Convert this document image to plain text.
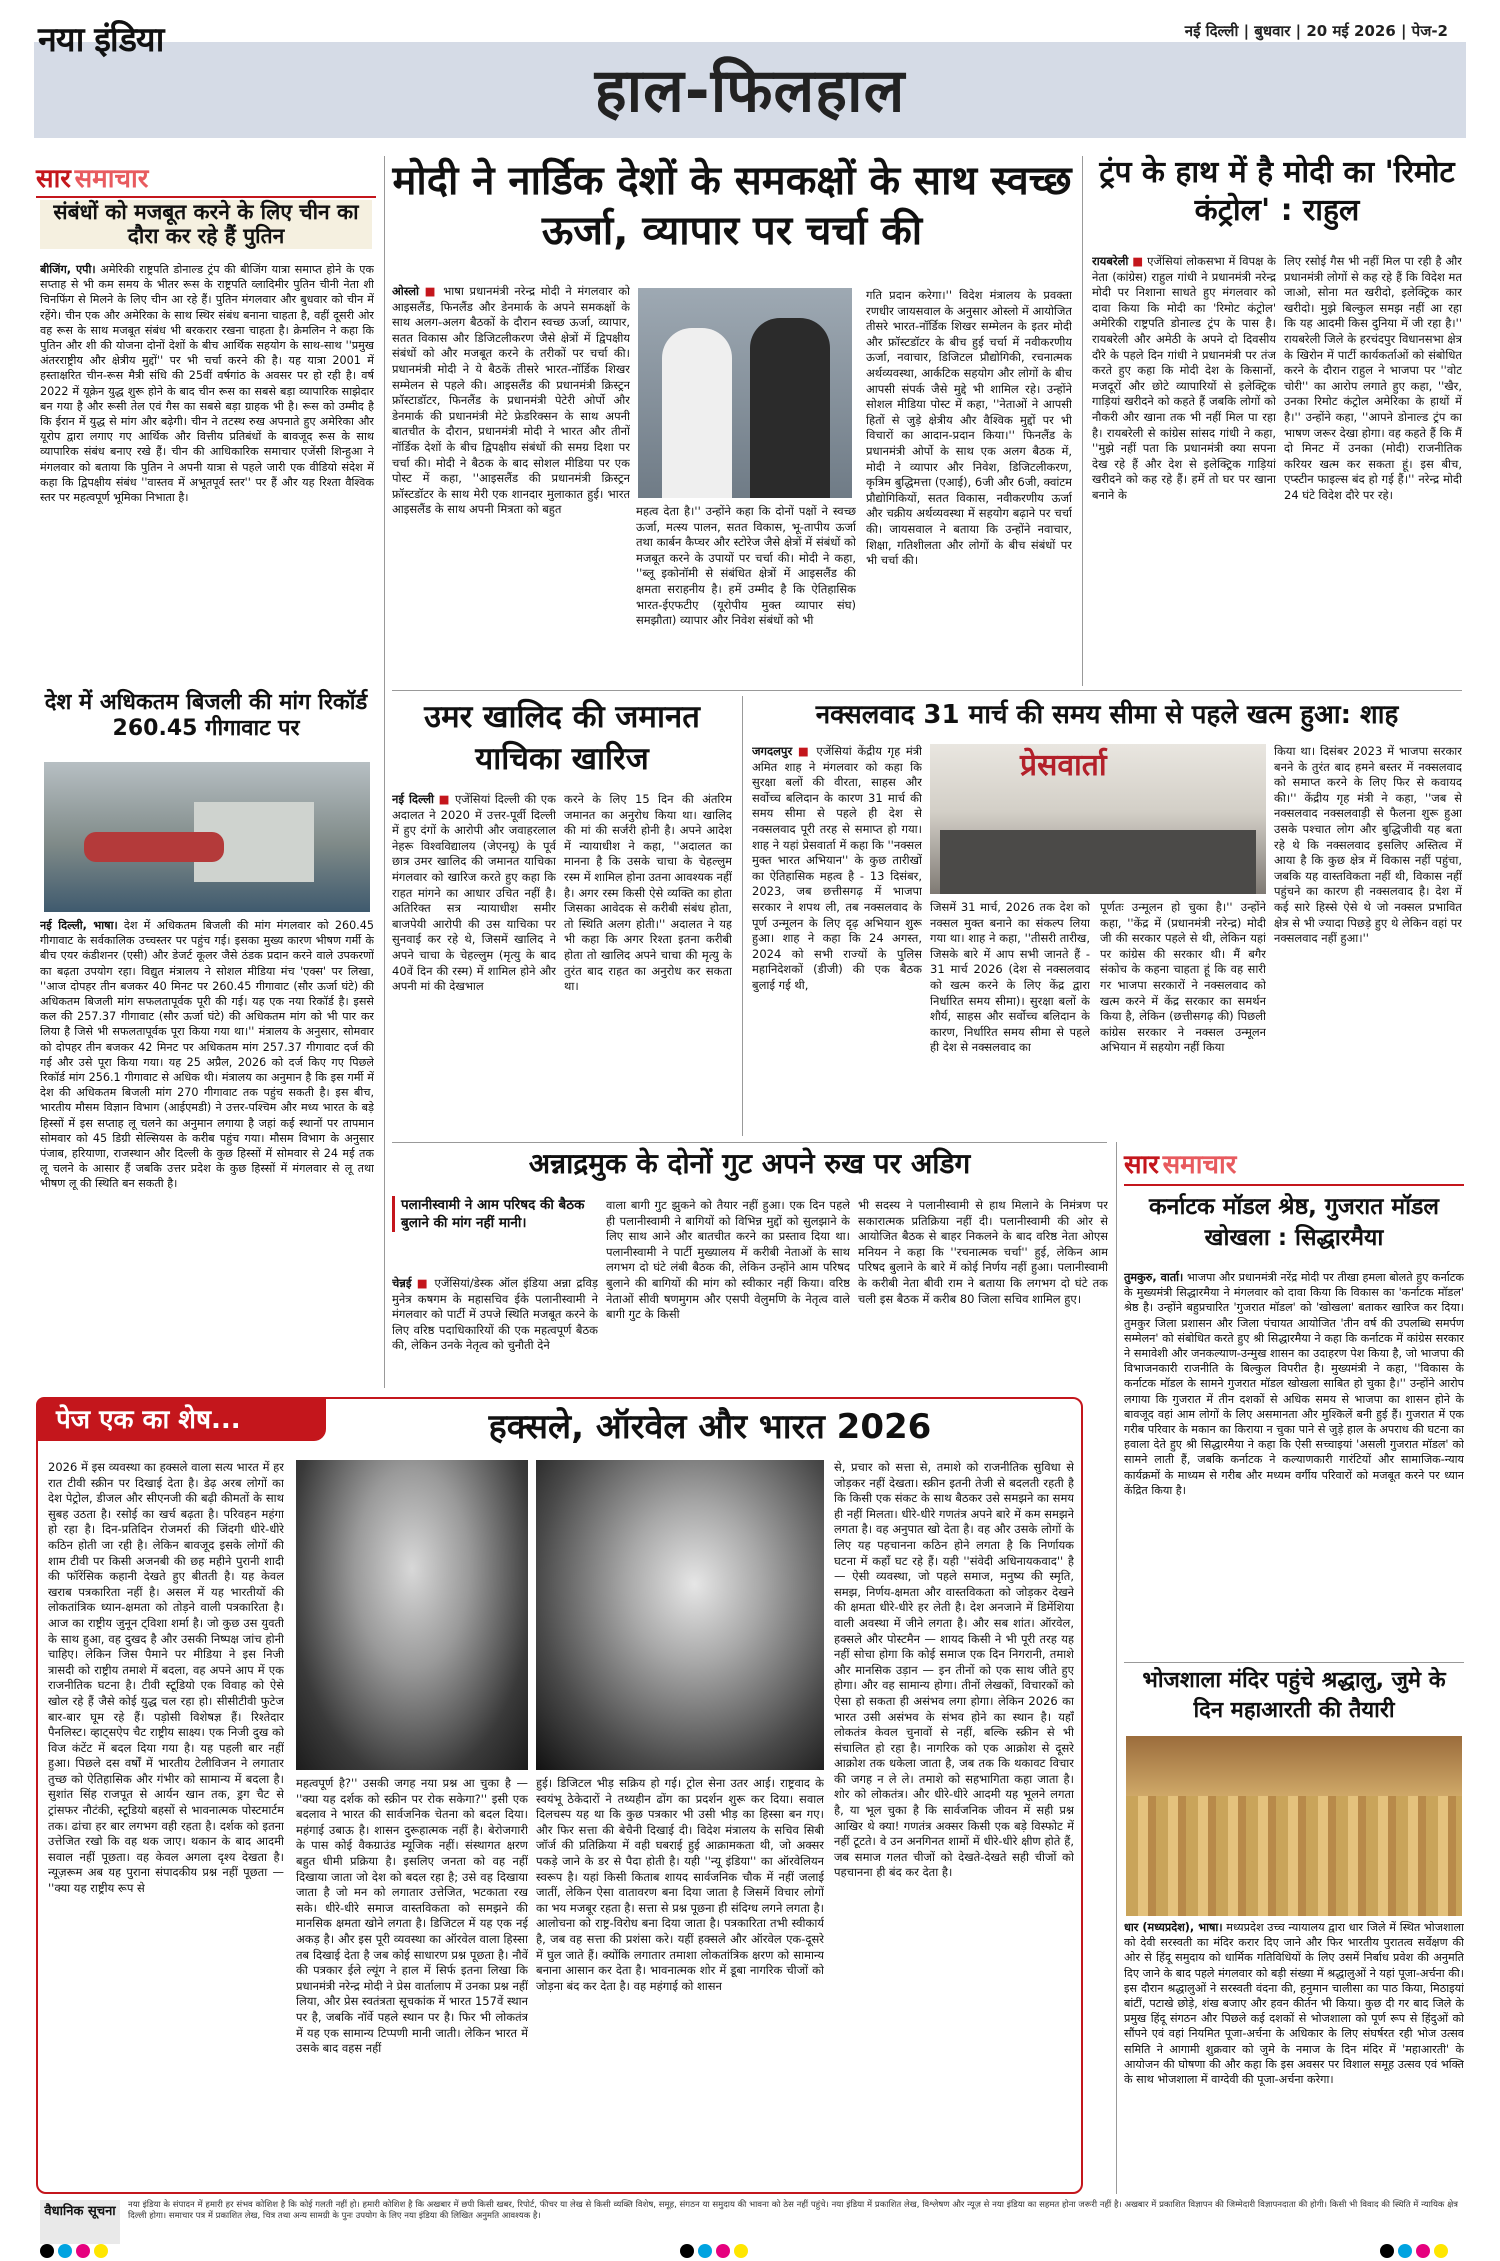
नया इंडिया	नई दिल्ली | बुधवार | 20 मई 2026 | पेज-2
हाल-फिलहाल
सार समाचार
संबंधों को मजबूत करने के लिए चीन का दौरा कर रहे हैं पुतिन
बीजिंग, एपी। अमेरिकी राष्ट्रपति डोनाल्ड ट्रंप की बीजिंग यात्रा समाप्त होने के एक सप्ताह से भी कम समय के भीतर रूस के राष्ट्रपति व्लादिमीर पुतिन चीनी नेता शी चिनफिंग से मिलने के लिए चीन आ रहे हैं। पुतिन मंगलवार और बुधवार को चीन में रहेंगे। चीन एक और अमेरिका के साथ स्थिर संबंध बनाना चाहता है, वहीं दूसरी ओर वह रूस के साथ मजबूत संबंध भी बरकरार रखना चाहता है। क्रेमलिन ने कहा कि पुतिन और शी की योजना दोनों देशों के बीच आर्थिक सहयोग के साथ-साथ ''प्रमुख अंतरराष्ट्रीय और क्षेत्रीय मुद्दों'' पर भी चर्चा करने की है। यह यात्रा 2001 में हस्ताक्षरित चीन-रूस मैत्री संधि की 25वीं वर्षगांठ के अवसर पर हो रही है। वर्ष 2022 में यूक्रेन युद्ध शुरू होने के बाद चीन रूस का सबसे बड़ा व्यापारिक साझेदार बन गया है और रूसी तेल एवं गैस का सबसे बड़ा ग्राहक भी है। रूस को उम्मीद है कि ईरान में युद्ध से मांग और बढ़ेगी। चीन ने तटस्थ रुख अपनाते हुए अमेरिका और यूरोप द्वारा लगाए गए आर्थिक और वित्तीय प्रतिबंधों के बावजूद रूस के साथ व्यापारिक संबंध बनाए रखे हैं। चीन की आधिकारिक समाचार एजेंसी शिन्हुआ ने मंगलवार को बताया कि पुतिन ने अपनी यात्रा से पहले जारी एक वीडियो संदेश में कहा कि द्विपक्षीय संबंध ''वास्तव में अभूतपूर्व स्तर'' पर हैं और यह रिश्ता वैश्विक स्तर पर महत्वपूर्ण भूमिका निभाता है।
देश में अधिकतम बिजली की मांग रिकॉर्ड 260.45 गीगावाट पर
नई दिल्ली, भाषा। देश में अधिकतम बिजली की मांग मंगलवार को 260.45 गीगावाट के सर्वकालिक उच्चस्तर पर पहुंच गई। इसका मुख्य कारण भीषण गर्मी के बीच एयर कंडीशनर (एसी) और डेजर्ट कूलर जैसे ठंडक प्रदान करने वाले उपकरणों का बढ़ता उपयोग रहा। विद्युत मंत्रालय ने सोशल मीडिया मंच 'एक्स' पर लिखा, ''आज दोपहर तीन बजकर 40 मिनट पर 260.45 गीगावाट (सौर ऊर्जा घंटे) की अधिकतम बिजली मांग सफलतापूर्वक पूरी की गई। यह एक नया रिकॉर्ड है। इससे कल की 257.37 गीगावाट (सौर ऊर्जा घंटे) की अधिकतम मांग को भी पार कर लिया है जिसे भी सफलतापूर्वक पूरा किया गया था।'' मंत्रालय के अनुसार, सोमवार को दोपहर तीन बजकर 42 मिनट पर अधिकतम मांग 257.37 गीगावाट दर्ज की गई और उसे पूरा किया गया। यह 25 अप्रैल, 2026 को दर्ज किए गए पिछले रिकॉर्ड मांग 256.1 गीगावाट से अधिक थी। मंत्रालय का अनुमान है कि इस गर्मी में देश की अधिकतम बिजली मांग 270 गीगावाट तक पहुंच सकती है। इस बीच, भारतीय मौसम विज्ञान विभाग (आईएमडी) ने उत्तर-पश्चिम और मध्य भारत के बड़े हिस्सों में इस सप्ताह लू चलने का अनुमान लगाया है जहां कई स्थानों पर तापमान सोमवार को 45 डिग्री सेल्सियस के करीब पहुंच गया। मौसम विभाग के अनुसार पंजाब, हरियाणा, राजस्थान और दिल्ली के कुछ हिस्सों में सोमवार से 24 मई तक लू चलने के आसार हैं जबकि उत्तर प्रदेश के कुछ हिस्सों में मंगलवार से लू तथा भीषण लू की स्थिति बन सकती है।
मोदी ने नार्डिक देशों के समकक्षों के साथ स्वच्छ ऊर्जा, व्यापार पर चर्चा की
ओस्लो ■ भाषा प्रधानमंत्री नरेन्द्र मोदी ने मंगलवार को आइसलैंड, फिनलैंड और डेनमार्क के अपने समकक्षों के साथ अलग-अलग बैठकों के दौरान स्वच्छ ऊर्जा, व्यापार, सतत विकास और डिजिटलीकरण जैसे क्षेत्रों में द्विपक्षीय संबंधों को और मजबूत करने के तरीकों पर चर्चा की। प्रधानमंत्री मोदी ने ये बैठकें तीसरे भारत-नॉर्डिक शिखर सम्मेलन से पहले की। आइसलैंड की प्रधानमंत्री क्रिस्ट्रन फ्रॉस्टाडॉटर, फिनलैंड के प्रधानमंत्री पेटेरी ओर्पो और डेनमार्क की प्रधानमंत्री मेटे फ्रेडरिक्सन के साथ अपनी बातचीत के दौरान, प्रधानमंत्री मोदी ने भारत और तीनों नॉर्डिक देशों के बीच द्विपक्षीय संबंधों की समग्र दिशा पर चर्चा की। मोदी ने बैठक के बाद सोशल मीडिया पर एक पोस्ट में कहा, ''आइसलैंड की प्रधानमंत्री क्रिस्ट्रन फ्रॉस्टडॉटर के साथ मेरी एक शानदार मुलाकात हुई। भारत आइसलैंड के साथ अपनी मित्रता को बहुत	महत्व देता है।'' उन्होंने कहा कि दोनों पक्षों ने स्वच्छ ऊर्जा, मत्स्य पालन, सतत विकास, भू-तापीय ऊर्जा तथा कार्बन कैप्चर और स्टोरेज जैसे क्षेत्रों में संबंधों को मजबूत करने के उपायों पर चर्चा की। मोदी ने कहा, ''ब्लू इकोनॉमी से संबंधित क्षेत्रों में आइसलैंड की क्षमता सराहनीय है। हमें उम्मीद है कि ऐतिहासिक भारत-ईएफटीए (यूरोपीय मुक्त व्यापार संघ) समझौता) व्यापार और निवेश संबंधों को भी
गति प्रदान करेगा।'' विदेश मंत्रालय के प्रवक्ता रणधीर जायसवाल के अनुसार ओस्लो में आयोजित तीसरे भारत-नॉर्डिक शिखर सम्मेलन के इतर मोदी और फ्रॉस्टडॉटर के बीच हुई चर्चा में नवीकरणीय ऊर्जा, नवाचार, डिजिटल प्रौद्योगिकी, रचनात्मक अर्थव्यवस्था, आर्कटिक सहयोग और लोगों के बीच आपसी संपर्क जैसे मुद्दे भी शामिल रहे। उन्होंने सोशल मीडिया पोस्ट में कहा, ''नेताओं ने आपसी हितों से जुड़े क्षेत्रीय और वैश्विक मुद्दों पर भी विचारों का आदान-प्रदान किया।'' फिनलैंड के प्रधानमंत्री ओर्पो के साथ एक अलग बैठक में, मोदी ने व्यापार और निवेश, डिजिटलीकरण, कृत्रिम बुद्धिमत्ता (एआई), 6जी और 6जी, क्वांटम प्रौद्योगिकियों, सतत विकास, नवीकरणीय ऊर्जा और चक्रीय अर्थव्यवस्था में सहयोग बढ़ाने पर चर्चा की। जायसवाल ने बताया कि उन्होंने नवाचार, शिक्षा, गतिशीलता और लोगों के बीच संबंधों पर भी चर्चा की।
ट्रंप के हाथ में है मोदी का 'रिमोट कंट्रोल' : राहुल
रायबरेली ■ एजेंसियां लोकसभा में विपक्ष के नेता (कांग्रेस) राहुल गांधी ने प्रधानमंत्री नरेन्द्र मोदी पर निशाना साधते हुए मंगलवार को दावा किया कि मोदी का 'रिमोट कंट्रोल' अमेरिकी राष्ट्रपति डोनाल्ड ट्रंप के पास है। रायबरेली और अमेठी के अपने दो दिवसीय दौरे के पहले दिन गांधी ने प्रधानमंत्री पर तंज करते हुए कहा कि मोदी देश के किसानों, मजदूरों और छोटे व्यापारियों से इलेक्ट्रिक गाड़ियां खरीदने को कहते हैं जबकि लोगों को नौकरी और खाना तक भी नहीं मिल पा रहा है। रायबरेली से कांग्रेस सांसद गांधी ने कहा, ''मुझे नहीं पता कि प्रधानमंत्री क्या सपना देख रहे हैं और देश से इलेक्ट्रिक गाड़ियां खरीदने को कह रहे हैं। हमें तो घर पर खाना बनाने के
लिए रसोई गैस भी नहीं मिल पा रही है और प्रधानमंत्री लोगों से कह रहे हैं कि विदेश मत जाओ, सोना मत खरीदो, इलेक्ट्रिक कार खरीदो। मुझे बिल्कुल समझ नहीं आ रहा कि यह आदमी किस दुनिया में जी रहा है।'' रायबरेली जिले के हरचंदपुर विधानसभा क्षेत्र के खिरोन में पार्टी कार्यकर्ताओं को संबोधित करने के दौरान राहुल ने भाजपा पर ''वोट चोरी'' का आरोप लगाते हुए कहा, ''खैर, उनका रिमोट कंट्रोल अमेरिका के हाथों में है।'' उन्होंने कहा, ''आपने डोनाल्ड ट्रंप का भाषण जरूर देखा होगा। वह कहते हैं कि मैं दो मिनट में उनका (मोदी) राजनीतिक करियर खत्म कर सकता हूं। इस बीच, एप्स्टीन फाइल्स बंद हो गई हैं।'' नरेन्द्र मोदी 24 घंटे विदेश दौरे पर रहे।
उमर खालिद की जमानत याचिका खारिज
नई दिल्ली ■ एजेंसियां दिल्ली की एक अदालत ने 2020 में उत्तर-पूर्वी दिल्ली में हुए दंगों के आरोपी और जवाहरलाल नेहरू विश्वविद्यालय (जेएनयू) के पूर्व छात्र उमर खालिद की जमानत याचिका मंगलवार को खारिज करते हुए कहा कि राहत मांगने का आधार उचित नहीं है। अतिरिक्त सत्र न्यायाधीश समीर बाजपेयी आरोपी की उस याचिका पर सुनवाई कर रहे थे, जिसमें खालिद ने अपने चाचा के चेहल्लुम (मृत्यु के बाद 40वें दिन की रस्म) में शामिल होने और अपनी मां की देखभाल
करने के लिए 15 दिन की अंतरिम जमानत का अनुरोध किया था। खालिद की मां की सर्जरी होनी है। अपने आदेश में न्यायाधीश ने कहा, ''अदालत का मानना है कि उसके चाचा के चेहल्लुम रस्म में शामिल होना उतना आवश्यक नहीं है। अगर रस्म किसी ऐसे व्यक्ति का होता जिसका आवेदक से करीबी संबंध होता, तो स्थिति अलग होती।'' अदालत ने यह भी कहा कि अगर रिश्ता इतना करीबी होता तो खालिद अपने चाचा की मृत्यु के तुरंत बाद राहत का अनुरोध कर सकता था।
नक्सलवाद 31 मार्च की समय सीमा से पहले खत्म हुआ: शाह
जगदलपुर ■ एजेंसियां केंद्रीय गृह मंत्री अमित शाह ने मंगलवार को कहा कि सुरक्षा बलों की वीरता, साहस और सर्वोच्च बलिदान के कारण 31 मार्च की समय सीमा से पहले ही देश से नक्सलवाद पूरी तरह से समाप्त हो गया। शाह ने यहां प्रेसवार्ता में कहा कि ''नक्सल मुक्त भारत अभियान'' के कुछ तारीखों का ऐतिहासिक महत्व है - 13 दिसंबर, 2023, जब छत्तीसगढ़ में भाजपा सरकार ने शपथ ली, तब नक्सलवाद के पूर्ण उन्मूलन के लिए दृढ़ अभियान शुरू हुआ। शाह ने कहा कि 24 अगस्त, 2024 को सभी राज्यों के पुलिस महानिदेशकों (डीजी) की एक बैठक बुलाई गई थी,
प्रेसवार्ता
जिसमें 31 मार्च, 2026 तक देश को नक्सल मुक्त बनाने का संकल्प लिया गया था। शाह ने कहा, ''तीसरी तारीख, जिसके बारे में आप सभी जानते हैं - 31 मार्च 2026 (देश से नक्सलवाद को खत्म करने के लिए केंद्र द्वारा निर्धारित समय सीमा)। सुरक्षा बलों के शौर्य, साहस और सर्वोच्च बलिदान के कारण, निर्धारित समय सीमा से पहले ही देश से नक्सलवाद का
पूर्णतः उन्मूलन हो चुका है।'' उन्होंने कहा, ''केंद्र में (प्रधानमंत्री नरेन्द्र) मोदी जी की सरकार पहले से थी, लेकिन यहां पर कांग्रेस की सरकार थी। मैं बगैर संकोच के कहना चाहता हूं कि वह सारी गर भाजपा सरकारों ने नक्सलवाद को खत्म करने में केंद्र सरकार का समर्थन किया है, लेकिन (छत्तीसगढ़ की) पिछली कांग्रेस सरकार ने नक्सल उन्मूलन अभियान में सहयोग नहीं किया
किया था। दिसंबर 2023 में भाजपा सरकार बनने के तुरंत बाद हमने बस्तर में नक्सलवाद को समाप्त करने के लिए फिर से कवायद की।'' केंद्रीय गृह मंत्री ने कहा, ''जब से नक्सलवाद नक्सलवाड़ी से फैलना शुरू हुआ उसके पश्चात लोग और बुद्धिजीवी यह बता रहे थे कि नक्सलवाद इसलिए अस्तित्व में आया है कि कुछ क्षेत्र में विकास नहीं पहुंचा, जबकि यह वास्तविकता नहीं थी, विकास नहीं पहुंचने का कारण ही नक्सलवाद है। देश में कई सारे हिस्से ऐसे थे जो नक्सल प्रभावित क्षेत्र से भी ज्यादा पिछड़े हुए थे लेकिन वहां पर नक्सलवाद नहीं हुआ।''
अन्नाद्रमुक के दोनों गुट अपने रुख पर अडिग
पलानीस्वामी ने आम परिषद की बैठक बुलाने की मांग नहीं मानी।
चेन्नई ■ एजेंसियां/डेस्क ऑल इंडिया अन्ना द्रविड़ मुनेत्र कषगम के महासचिव ईके पलानीस्वामी ने मंगलवार को पार्टी में उपजे स्थिति मजबूत करने के लिए वरिष्ठ पदाधिकारियों की एक महत्वपूर्ण बैठक की, लेकिन उनके नेतृत्व को चुनौती देने
वाला बागी गुट झुकने को तैयार नहीं हुआ। एक दिन पहले ही पलानीस्वामी ने बागियों को विभिन्न मुद्दों को सुलझाने के लिए साथ आने और बातचीत करने का प्रस्ताव दिया था। पलानीस्वामी ने पार्टी मुख्यालय में करीबी नेताओं के साथ लगभग दो घंटे लंबी बैठक की, लेकिन उन्होंने आम परिषद बुलाने की बागियों की मांग को स्वीकार नहीं किया। वरिष्ठ नेताओं सीवी षणमुगम और एसपी वेलुमणि के नेतृत्व वाले बागी गुट के किसी
भी सदस्य ने पलानीस्वामी से हाथ मिलाने के निमंत्रण पर सकारात्मक प्रतिक्रिया नहीं दी। पलानीस्वामी की ओर से आयोजित बैठक से बाहर निकलने के बाद वरिष्ठ नेता ओएस मनियन ने कहा कि ''रचनात्मक चर्चा'' हुई, लेकिन आम परिषद बुलाने के बारे में कोई निर्णय नहीं हुआ। पलानीस्वामी के करीबी नेता बीवी राम ने बताया कि लगभग दो घंटे तक चली इस बैठक में करीब 80 जिला सचिव शामिल हुए।
सार समाचार
कर्नाटक मॉडल श्रेष्ठ, गुजरात मॉडल खोखला : सिद्धारमैया
तुमकुरु, वार्ता। भाजपा और प्रधानमंत्री नरेंद्र मोदी पर तीखा हमला बोलते हुए कर्नाटक के मुख्यमंत्री सिद्धारमैया ने मंगलवार को दावा किया कि विकास का 'कर्नाटक मॉडल' श्रेष्ठ है। उन्होंने बहुप्रचारित 'गुजरात मॉडल' को 'खोखला' बताकर खारिज कर दिया। तुमकुर जिला प्रशासन और जिला पंचायत आयोजित 'तीन वर्ष की उपलब्धि समर्पण सम्मेलन' को संबोधित करते हुए श्री सिद्धारमैया ने कहा कि कर्नाटक में कांग्रेस सरकार ने समावेशी और जनकल्याण-उन्मुख शासन का उदाहरण पेश किया है, जो भाजपा की विभाजनकारी राजनीति के बिल्कुल विपरीत है। मुख्यमंत्री ने कहा, ''विकास के कर्नाटक मॉडल के सामने गुजरात मॉडल खोखला साबित हो चुका है।'' उन्होंने आरोप लगाया कि गुजरात में तीन दशकों से अधिक समय से भाजपा का शासन होने के बावजूद वहां आम लोगों के लिए असमानता और मुश्किलें बनी हुई हैं। गुजरात में एक गरीब परिवार के मकान का किराया न चुका पाने से जुड़े हाल के अपराध की घटना का हवाला देते हुए श्री सिद्धारमैया ने कहा कि ऐसी सच्चाइयां 'असली गुजरात मॉडल' को सामने लाती हैं, जबकि कर्नाटक ने कल्याणकारी गारंटियों और सामाजिक-न्याय कार्यक्रमों के माध्यम से गरीब और मध्यम वर्गीय परिवारों को मजबूत करने पर ध्यान केंद्रित किया है।
भोजशाला मंदिर पहुंचे श्रद्धालु, जुमे के दिन महाआरती की तैयारी
धार (मध्यप्रदेश), भाषा। मध्यप्रदेश उच्च न्यायालय द्वारा धार जिले में स्थित भोजशाला को देवी सरस्वती का मंदिर करार दिए जाने और फिर भारतीय पुरातत्व सर्वेक्षण की ओर से हिंदू समुदाय को धार्मिक गतिविधियों के लिए उसमें निर्बाध प्रवेश की अनुमति दिए जाने के बाद पहले मंगलवार को बड़ी संख्या में श्रद्धालुओं ने यहां पूजा-अर्चना की। इस दौरान श्रद्धालुओं ने सरस्वती वंदना की, हनुमान चालीसा का पाठ किया, मिठाइयां बांटीं, पटाखे छोड़े, शंख बजाए और हवन कीर्तन भी किया। कुछ दी गर बाद जिले के प्रमुख हिंदू संगठन और पिछले कई दशकों से भोजशाला को पूर्ण रूप से हिंदुओं को सौंपने एवं वहां नियमित पूजा-अर्चना के अधिकार के लिए संघर्षरत रही भोज उत्सव समिति ने आगामी शुक्रवार को जुमे के नमाज के दिन मंदिर में 'महाआरती' के आयोजन की घोषणा की और कहा कि इस अवसर पर विशाल समूह उत्सव एवं भक्ति के साथ भोजशाला में वाग्देवी की पूजा-अर्चना करेगा।
पेज एक का शेष...	हक्सले, ऑरवेल और भारत 2026
2026 में इस व्यवस्था का हक्सले वाला सत्य भारत में हर रात टीवी स्क्रीन पर दिखाई देता है। डेढ़ अरब लोगों का देश पेट्रोल, डीजल और सीएनजी की बढ़ी कीमतों के साथ सुबह उठता है। रसोई का खर्च बढ़ता है। परिवहन महंगा हो रहा है। दिन-प्रतिदिन रोजमर्रा की जिंदगी धीरे-धीरे कठिन होती जा रही है। लेकिन बावजूद इसके लोगों की शाम टीवी पर किसी अजनबी की छह महीने पुरानी शादी की फॉरेंसिक कहानी देखते हुए बीतती है। यह केवल खराब पत्रकारिता नहीं है। असल में यह भारतीयों की लोकतांत्रिक ध्यान-क्षमता को तोड़ने वाली पत्रकारिता है। आज का राष्ट्रीय जुनून ट्विशा शर्मा है। जो कुछ उस युवती के साथ हुआ, वह दुखद है और उसकी निष्पक्ष जांच होनी चाहिए। लेकिन जिस पैमाने पर मीडिया ने इस निजी त्रासदी को राष्ट्रीय तमाशे में बदला, वह अपने आप में एक राजनीतिक घटना है। टीवी स्टूडियो एक विवाह को ऐसे खोल रहे हैं जैसे कोई युद्ध चल रहा हो। सीसीटीवी फुटेज बार-बार घूम रहे हैं। पड़ोसी विशेषज्ञ हैं। रिश्तेदार पैनलिस्ट। व्हाट्सऐप चैट राष्ट्रीय साक्ष्य। एक निजी दुख को विज कंटेंट में बदल दिया गया है। यह पहली बार नहीं हुआ। पिछले दस वर्षों में भारतीय टेलीविजन ने लगातार तुच्छ को ऐतिहासिक और गंभीर को सामान्य में बदला है। सुशांत सिंह राजपूत से आर्यन खान तक, ड्रग चैट से ट्रांसफर नौटंकी, स्टूडियो बहसों से भावनात्मक पोस्टमार्टम तक। ढांचा हर बार लगभग वही रहता है। दर्शक को इतना उत्तेजित रखो कि वह थक जाए। थकान के बाद आदमी सवाल नहीं पूछता। वह केवल अगला दृश्य देखता है। न्यूज़रूम अब यह पुराना संपादकीय प्रश्न नहीं पूछता — ''क्या यह राष्ट्रीय रूप से
महत्वपूर्ण है?'' उसकी जगह नया प्रश्न आ चुका है — ''क्या यह दर्शक को स्क्रीन पर रोक सकेगा?'' इसी एक बदलाव ने भारत की सार्वजनिक चेतना को बदल दिया। महंगाई उबाऊ है। शासन दुरूहात्मक नहीं है। बेरोजगारी के पास कोई वैकग्राउंड म्यूजिक नहीं। संस्थागत क्षरण बहुत धीमी प्रक्रिया है। इसलिए जनता को वह नहीं दिखाया जाता जो देश को बदल रहा है; उसे वह दिखाया जाता है जो मन को लगातार उत्तेजित, भटकाता रख सके। धीरे-धीरे समाज वास्तविकता को समझने की मानसिक क्षमता खोने लगता है। डिजिटल में यह एक नई अकड़ है। और इस पूरी व्यवस्था का ऑरवेल वाला हिस्सा तब दिखाई देता है जब कोई साधारण प्रश्न पूछता है। नौवें की पत्रकार ईले ल्यूंग ने हाल में सिर्फ इतना लिखा कि प्रधानमंत्री नरेन्द्र मोदी ने प्रेस वार्तालाप में उनका प्रश्न नहीं लिया, और प्रेस स्वतंत्रता सूचकांक में भारत 157वें स्थान पर है, जबकि नॉर्वे पहले स्थान पर है। फिर भी लोकतंत्र में यह एक सामान्य टिप्पणी मानी जाती। लेकिन भारत में उसके बाद वहस नहीं
हुई। डिजिटल भीड़ सक्रिय हो गई। ट्रोल सेना उतर आई। राष्ट्रवाद के स्वयंभू ठेकेदारों ने तथ्यहीन ढोंग का प्रदर्शन शुरू कर दिया। सवाल दिलचस्प यह था कि कुछ पत्रकार भी उसी भीड़ का हिस्सा बन गए। और फिर सत्ता की बेचैनी दिखाई दी। विदेश मंत्रालय के सचिव सिबी जॉर्ज की प्रतिक्रिया में वही घबराई हुई आक्रामकता थी, जो अक्सर पकड़े जाने के डर से पैदा होती है। यही ''न्यू इंडिया'' का ऑरवेलियन स्वरूप है। यहां किसी किताब शायद सार्वजनिक चौक में नहीं जलाई जातीं, लेकिन ऐसा वातावरण बना दिया जाता है जिसमें विचार लोगों का भय मजबूर रहता है। सत्ता से प्रश्न पूछना ही संदिग्ध लगने लगता है। आलोचना को राष्ट्र-विरोध बना दिया जाता है। पत्रकारिता तभी स्वीकार्य है, जब वह सत्ता की प्रशंसा करे। यहीं हक्सले और ऑरवेल एक-दूसरे में घुल जाते हैं। क्योंकि लगातार तमाशा लोकतांत्रिक क्षरण को सामान्य बनाना आसान कर देता है। भावनात्मक शोर में डूबा नागरिक चीजों को जोड़ना बंद कर देता है। वह महंगाई को शासन
से, प्रचार को सत्ता से, तमाशे को राजनीतिक सुविधा से जोड़कर नहीं देखता। स्क्रीन इतनी तेजी से बदलती रहती है कि किसी एक संकट के साथ बैठकर उसे समझने का समय ही नहीं मिलता। धीरे-धीरे गणतंत्र अपने बारे में कम समझने लगता है। वह अनुपात खो देता है। वह और उसके लोगों के लिए यह पहचानना कठिन होने लगता है कि निर्णायक घटना में कहाँ घट रहे हैं। यही ''संवेदी अधिनायकवाद'' है — ऐसी व्यवस्था, जो पहले समाज, मनुष्य की स्मृति, समझ, निर्णय-क्षमता और वास्तविकता को जोड़कर देखने की क्षमता धीरे-धीरे हर लेती है। देश अनजाने में डिमेंशिया वाली अवस्था में जीने लगता है। और सब शांत। ऑरवेल, हक्सले और पोस्टमैन — शायद किसी ने भी पूरी तरह यह नहीं सोचा होगा कि कोई समाज एक दिन निगरानी, तमाशे और मानसिक उड़ान — इन तीनों को एक साथ जीते हुए होगा। और वह सामान्य होगा। तीनों लेखकों, विचारकों को ऐसा हो सकता ही असंभव लगा होगा। लेकिन 2026 का भारत उसी असंभव के संभव होने का स्थान है। यहाँ लोकतंत्र केवल चुनावों से नहीं, बल्कि स्क्रीन से भी संचालित हो रहा है। नागरिक को एक आक्रोश से दूसरे आक्रोश तक धकेला जाता है, जब तक कि थकावट विचार की जगह न ले ले। तमाशे को सहभागिता कहा जाता है। शोर को लोकतंत्र। और धीरे-धीरे आदमी यह भूलने लगता है, या भूल चुका है कि सार्वजनिक जीवन में सही प्रश्न आखिर थे क्या! गणतंत्र अक्सर किसी एक बड़े विस्फोट में नहीं टूटते। वे उन अनगिनत शामों में धीरे-धीरे क्षीण होते हैं, जब समाज गलत चीजों को देखते-देखते सही चीजों को पहचानना ही बंद कर देता है।
वैधानिक सूचना	नया इंडिया के संपादन में हमारी हर संभव कोशिश है कि कोई गलती नहीं हो। हमारी कोशिश है कि अखबार में छपी किसी खबर, रिपोर्ट, फीचर या लेख से किसी व्यक्ति विशेष, समूह, संगठन या समुदाय की भावना को ठेस नहीं पहुंचे। नया इंडिया में प्रकाशित लेख, विश्लेषण और न्यूज़ से नया इंडिया का सहमत होना जरूरी नहीं है। अखबार में प्रकाशित विज्ञापन की जिम्मेदारी विज्ञापनदाता की होगी। किसी भी विवाद की स्थिति में न्यायिक क्षेत्र दिल्ली होगा। समाचार पत्र में प्रकाशित लेख, चित्र तथा अन्य सामग्री के पुनः उपयोग के लिए नया इंडिया की लिखित अनुमति आवश्यक है।
